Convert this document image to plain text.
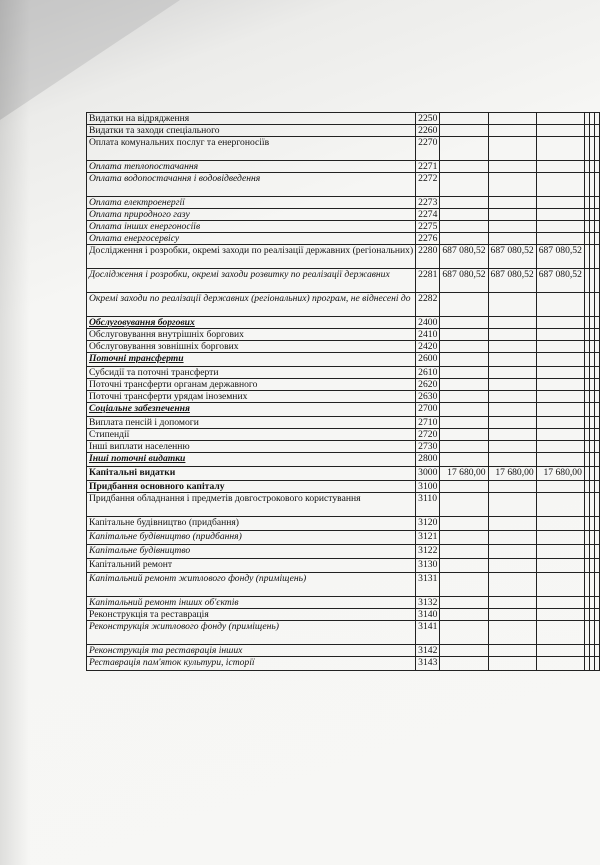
Видатки на відрядження	2250						
Видатки та заходи спеціального	2260						
Оплата комунальних послуг та енергоносіїв	2270						
Оплата теплопостачання	2271						
Оплата водопостачання і водовідведення	2272						
Оплата електроенергії	2273						
Оплата природного газу	2274						
Оплата інших енергоносіїв	2275						
Оплата енергосервісу	2276						
Дослідження і розробки, окремі заходи по реалізації державних (регіональних)	2280	687 080,52	687 080,52	687 080,52			
Дослідження і розробки, окремі заходи розвитку по реалізації державних	2281	687 080,52	687 080,52	687 080,52			
Окремі заходи по реалізації державних (регіональних) програм, не віднесені до	2282						
Обслуговування боргових	2400						
Обслуговування внутрішніх боргових	2410						
Обслуговування зовнішніх боргових	2420						
Поточні трансферти	2600						
Субсидії та поточні трансферти	2610						
Поточні трансферти органам державного	2620						
Поточні трансферти урядам іноземних	2630						
Соціальне забезпечення	2700						
Виплата пенсій і допомоги	2710						
Стипендії	2720						
Інші виплати населенню	2730						
Інші поточні видатки	2800						
Капітальні видатки	3000	17 680,00	17 680,00	17 680,00			
Придбання основного капіталу	3100						
Придбання обладнання і предметів довгострокового користування	3110						
Капітальне будівництво (придбання)	3120						
Капітальне будівництво (придбання)	3121						
Капітальне будівництво	3122						
Капітальний ремонт	3130						
Капітальний ремонт житлового фонду (приміщень)	3131						
Капітальний ремонт інших об'єктів	3132						
Реконструкція та реставрація	3140						
Реконструкція житлового фонду (приміщень)	3141						
Реконструкція та реставрація інших	3142						
Реставрація пам'яток культури, історії	3143						
